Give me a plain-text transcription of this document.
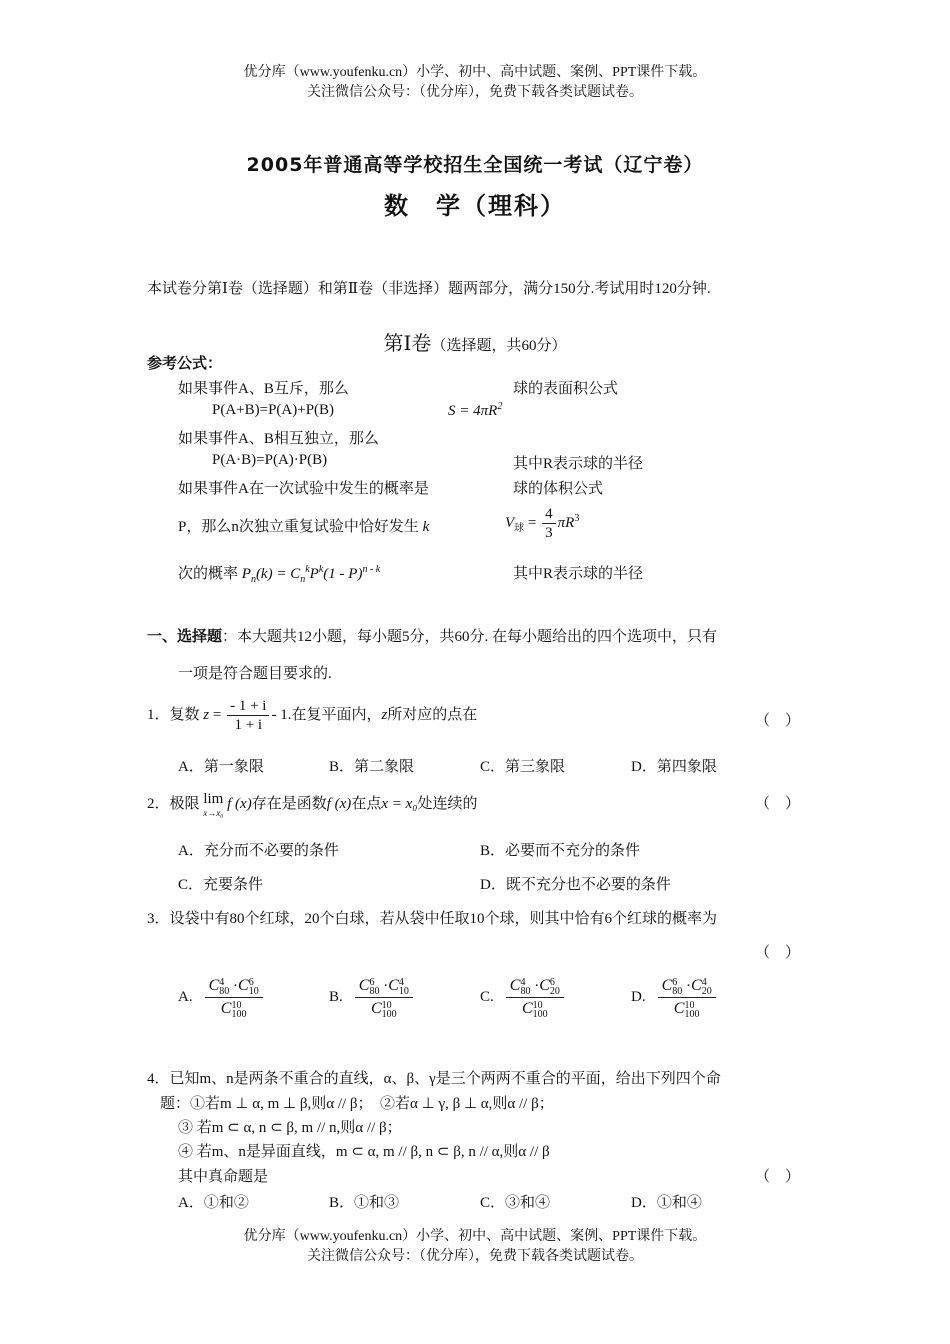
优分库（www.youfenku.cn）小学、初中、高中试题、案例、PPT课件下载。
关注微信公众号：（优分库），免费下载各类试题试卷。
2005年普通高等学校招生全国统一考试（辽宁卷）
数　学（理科）
本试卷分第Ⅰ卷（选择题）和第Ⅱ卷（非选择）题两部分，满分150分.考试用时120分钟.
第Ⅰ卷（选择题，共60分）
参考公式：
如果事件A、B互斥，那么
P(A+B)=P(A)+P(B)
如果事件A、B相互独立，那么
P(A·B)=P(A)·P(B)
如果事件A在一次试验中发生的概率是
P，那么n次独立重复试验中恰好发生 k
次的概率 $P_n(k) = C_n^kP^k(1 - P)^{n - k}$
球的表面积公式
$S = 4\pi R^2$
其中R表示球的半径
球的体积公式
$V_球 = \frac{4}{3} \pi R^3$
其中R表示球的半径
一、选择题：本大题共12小题，每小题5分，共60分. 在每小题给出的四个选项中，只有
一项是符合题目要求的.
1．复数 $z = \frac{- 1 + i}{1 + i} - 1$.在复平面内，z所对应的点在	（　）
A．第一象限	B．第二象限	C．第三象限	D．第四象限
2．极限 lim
x→x₀
f (x)存在是函数f (x)在点x = x₀处连续的	（　）
A．充分而不必要的条件	B．必要而不充分的条件
C．充要条件	D．既不充分也不必要的条件
3．设袋中有80个红球，20个白球，若从袋中任取10个球，则其中恰有6个红球的概率为
（　）
A. C 4
80 ·C 6
10
C 10
100	B. C 6
80 ·C 4
10
C 10
100	C. C 4
80 ·C 6
20
C 10
100	D. C 6
80 ·C 4
20
C 10
100
4．已知m、n是两条不重合的直线，α、β、γ是三个两两不重合的平面，给出下列四个命
题：①若m ⊥ α, m ⊥ β,则α // β；　②若α ⊥ γ, β ⊥ α,则α // β；
③ 若m ⊂ α, n ⊂ β, m // n,则α // β；
④ 若m、n是异面直线，m ⊂ α, m // β, n ⊂ β, n // α,则α // β
其中真命题是	（　）
A．①和②	B．①和③	C．③和④	D．①和④
优分库（www.youfenku.cn）小学、初中、高中试题、案例、PPT课件下载。
关注微信公众号：（优分库），免费下载各类试题试卷。
